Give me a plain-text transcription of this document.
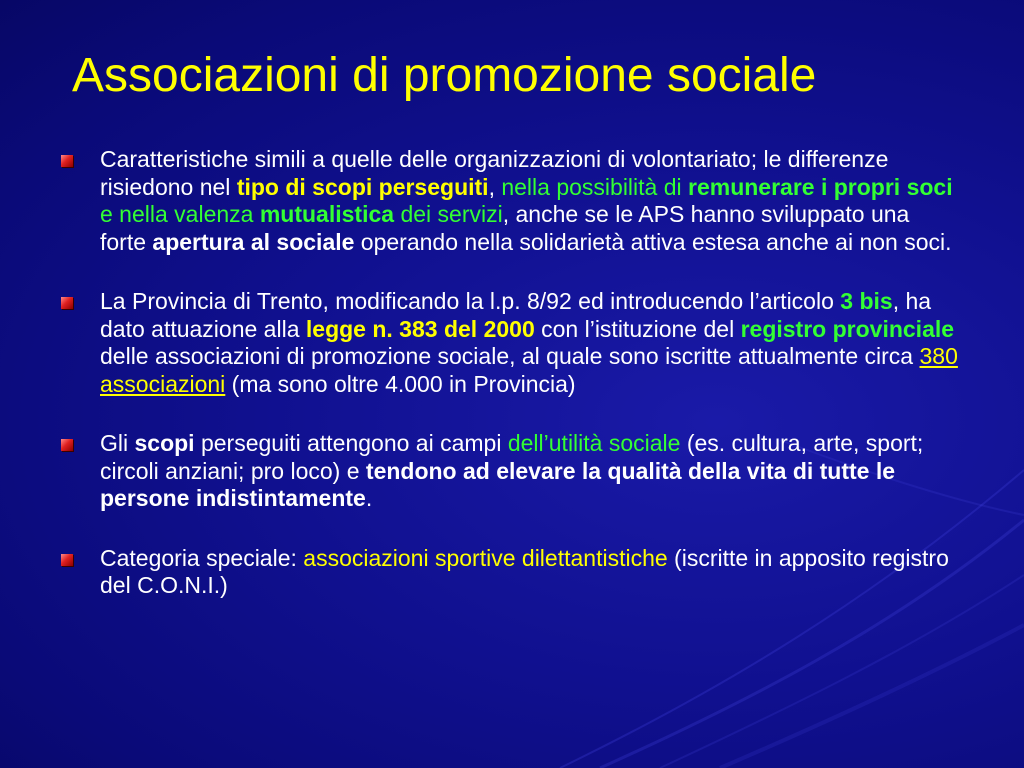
Associazioni di promozione sociale
Caratteristiche simili a quelle delle organizzazioni di volontariato; le differenze risiedono nel tipo di scopi perseguiti, nella possibilità di remunerare i propri soci e nella valenza mutualistica dei servizi, anche se le APS hanno sviluppato una forte apertura al sociale operando nella solidarietà attiva estesa anche ai non soci.
La Provincia di Trento, modificando la l.p. 8/92 ed introducendo l’articolo 3 bis, ha dato attuazione alla legge n. 383 del 2000 con l’istituzione del registro provinciale delle associazioni di promozione sociale, al quale sono iscritte attualmente circa 380 associazioni (ma sono oltre 4.000 in Provincia)
Gli scopi perseguiti attengono ai campi dell’utilità sociale (es. cultura, arte, sport; circoli anziani; pro loco) e tendono ad elevare la qualità della vita di tutte le persone indistintamente.
Categoria speciale: associazioni sportive dilettantistiche (iscritte in apposito registro del C.O.N.I.)
